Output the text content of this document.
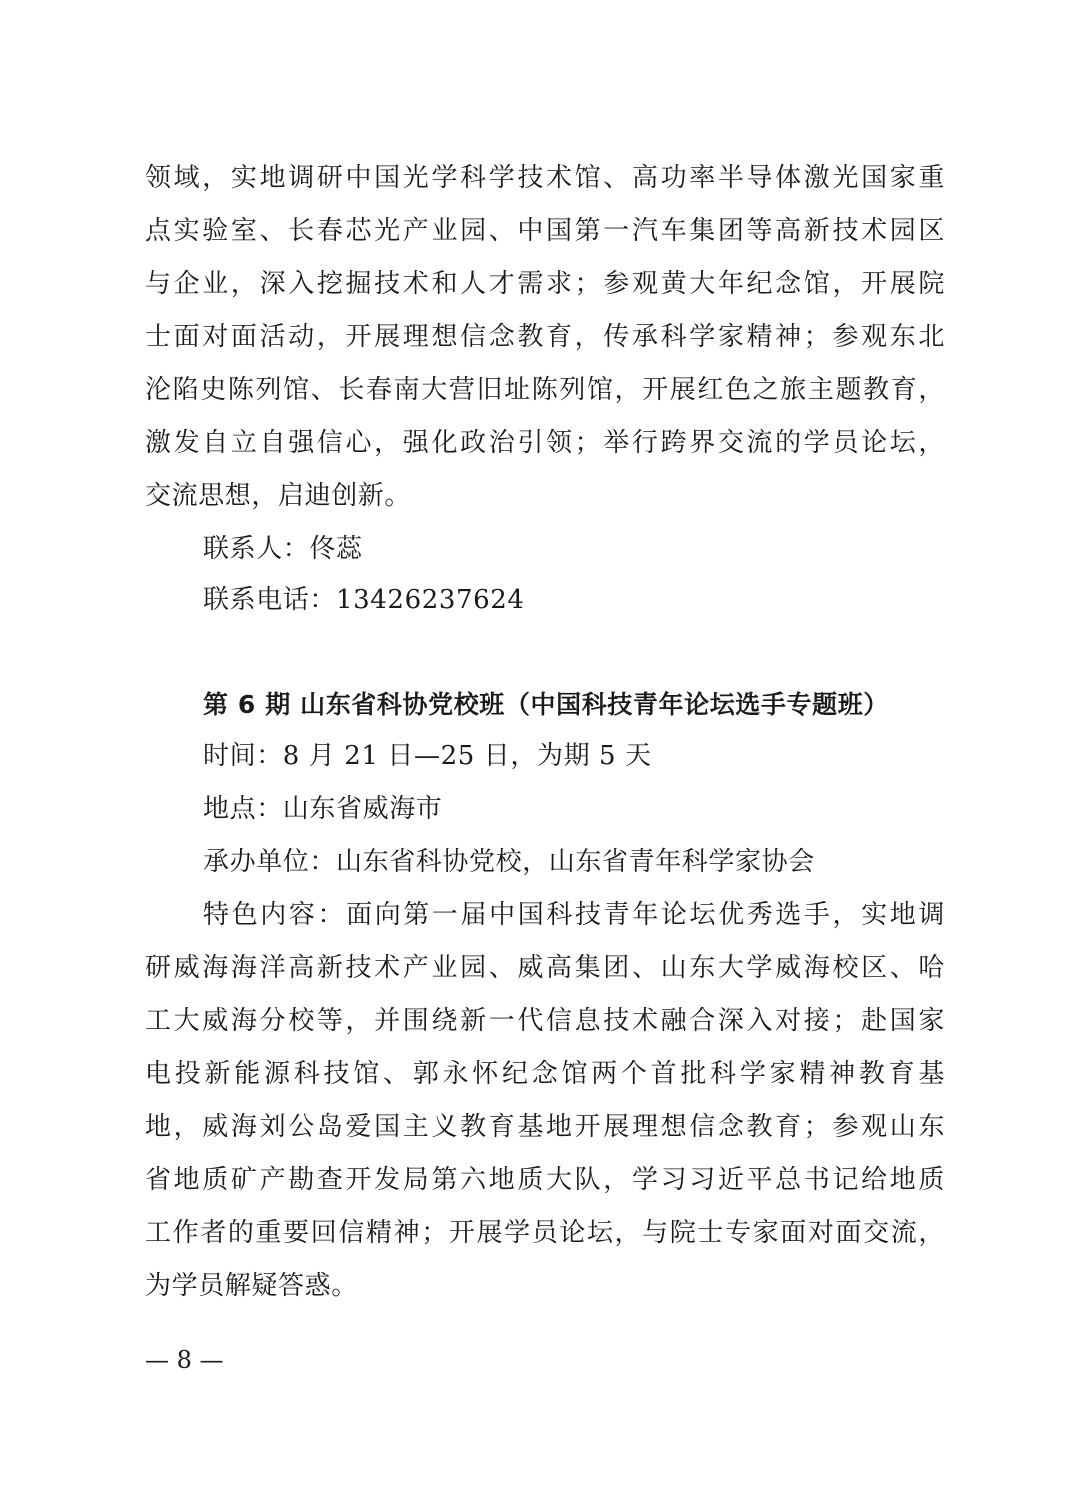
领域，实地调研中国光学科学技术馆、高功率半导体激光国家重
点实验室、长春芯光产业园、中国第一汽车集团等高新技术园区
与企业，深入挖掘技术和人才需求；参观黄大年纪念馆，开展院
士面对面活动，开展理想信念教育，传承科学家精神；参观东北
沦陷史陈列馆、长春南大营旧址陈列馆，开展红色之旅主题教育，
激发自立自强信心，强化政治引领；举行跨界交流的学员论坛，
交流思想，启迪创新。
联系人：佟蕊
联系电话：13426237624
第 6 期 山东省科协党校班（中国科技青年论坛选手专题班）
时间：8 月 21 日—25 日，为期 5 天
地点：山东省威海市
承办单位：山东省科协党校，山东省青年科学家协会
特色内容：面向第一届中国科技青年论坛优秀选手，实地调
研威海海洋高新技术产业园、威高集团、山东大学威海校区、哈
工大威海分校等，并围绕新一代信息技术融合深入对接；赴国家
电投新能源科技馆、郭永怀纪念馆两个首批科学家精神教育基
地，威海刘公岛爱国主义教育基地开展理想信念教育；参观山东
省地质矿产勘查开发局第六地质大队，学习习近平总书记给地质
工作者的重要回信精神；开展学员论坛，与院士专家面对面交流，
为学员解疑答惑。
— 8 —
